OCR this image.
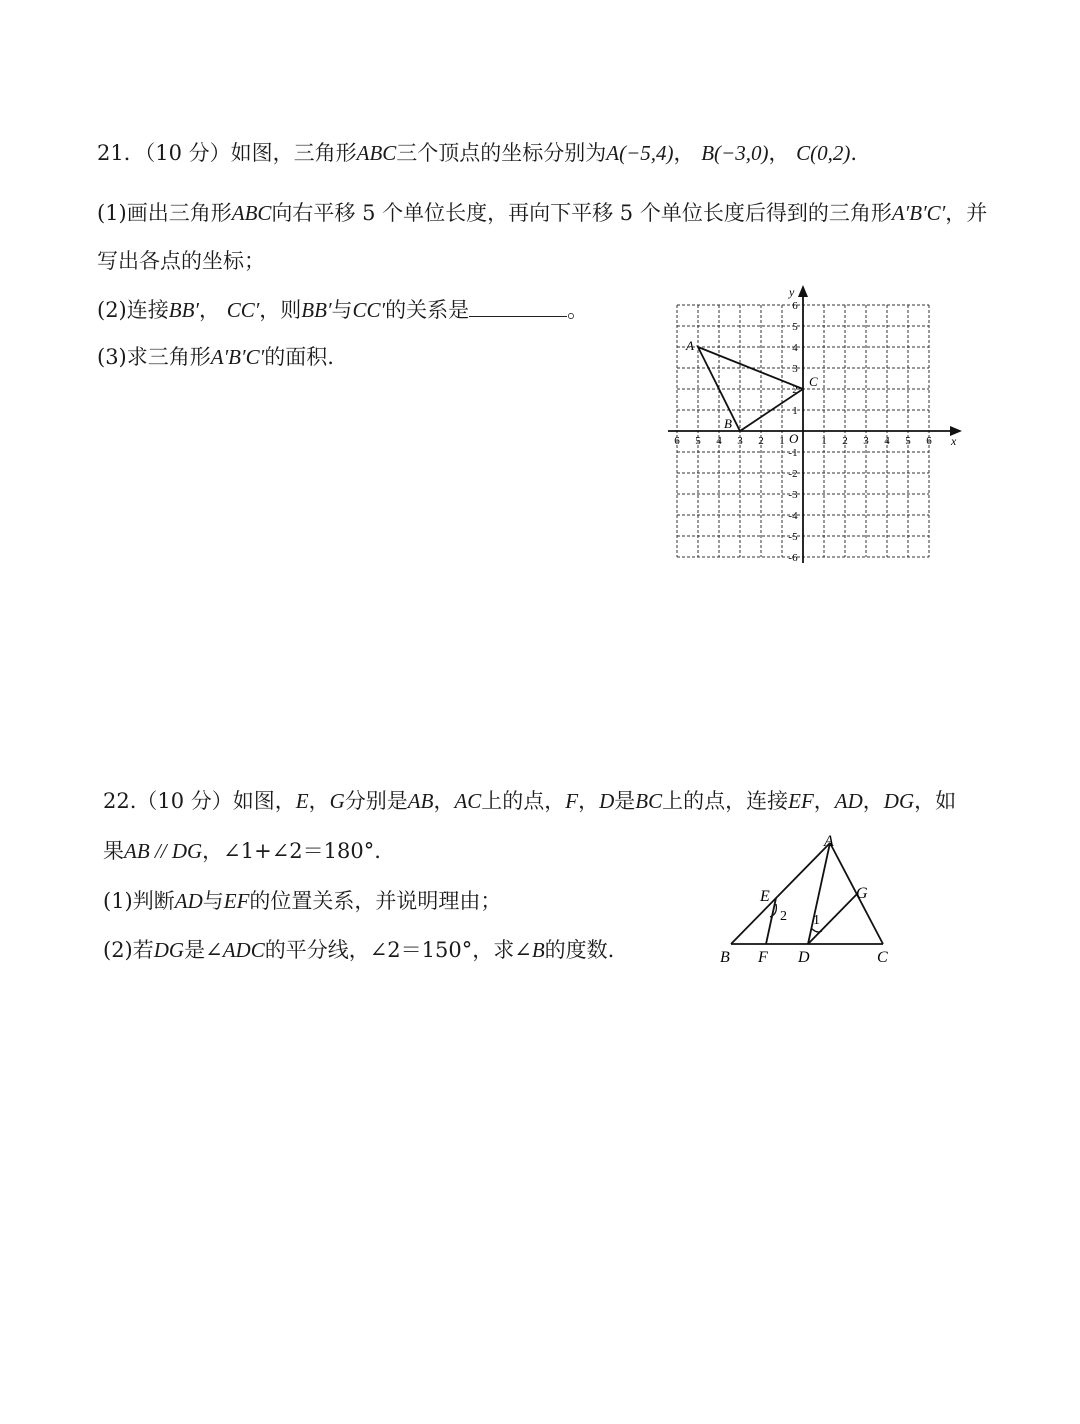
21．（10 分）如图，三角形ABC三个顶点的坐标分别为A(−5,4)， B(−3,0)， C(0,2).
(1)画出三角形ABC向右平移 5 个单位长度，再向下平移 5 个单位长度后得到的三角形A′B′C′，并
写出各点的坐标；
(2)连接BB′， CC′，则BB′与CC′的关系是	。
(3)求三角形A′B′C′的面积.
x
y
O
6 5 4 3 2 1	1 2 3 4 5 6
6
5
4
3
2
1
-1
-2
-3
-4
-5
-6
A
B
C
22.（10 分）如图，E，G分别是AB，AC上的点，F，D是BC上的点，连接EF，AD，DG，如
果AB // DG，∠1+∠2＝180°.
(1)判断AD与EF的位置关系，并说明理由；
(2)若DG是∠ADC的平分线，∠2＝150°，求∠B的度数.
A
B	C
D
E
F
G
2 1
